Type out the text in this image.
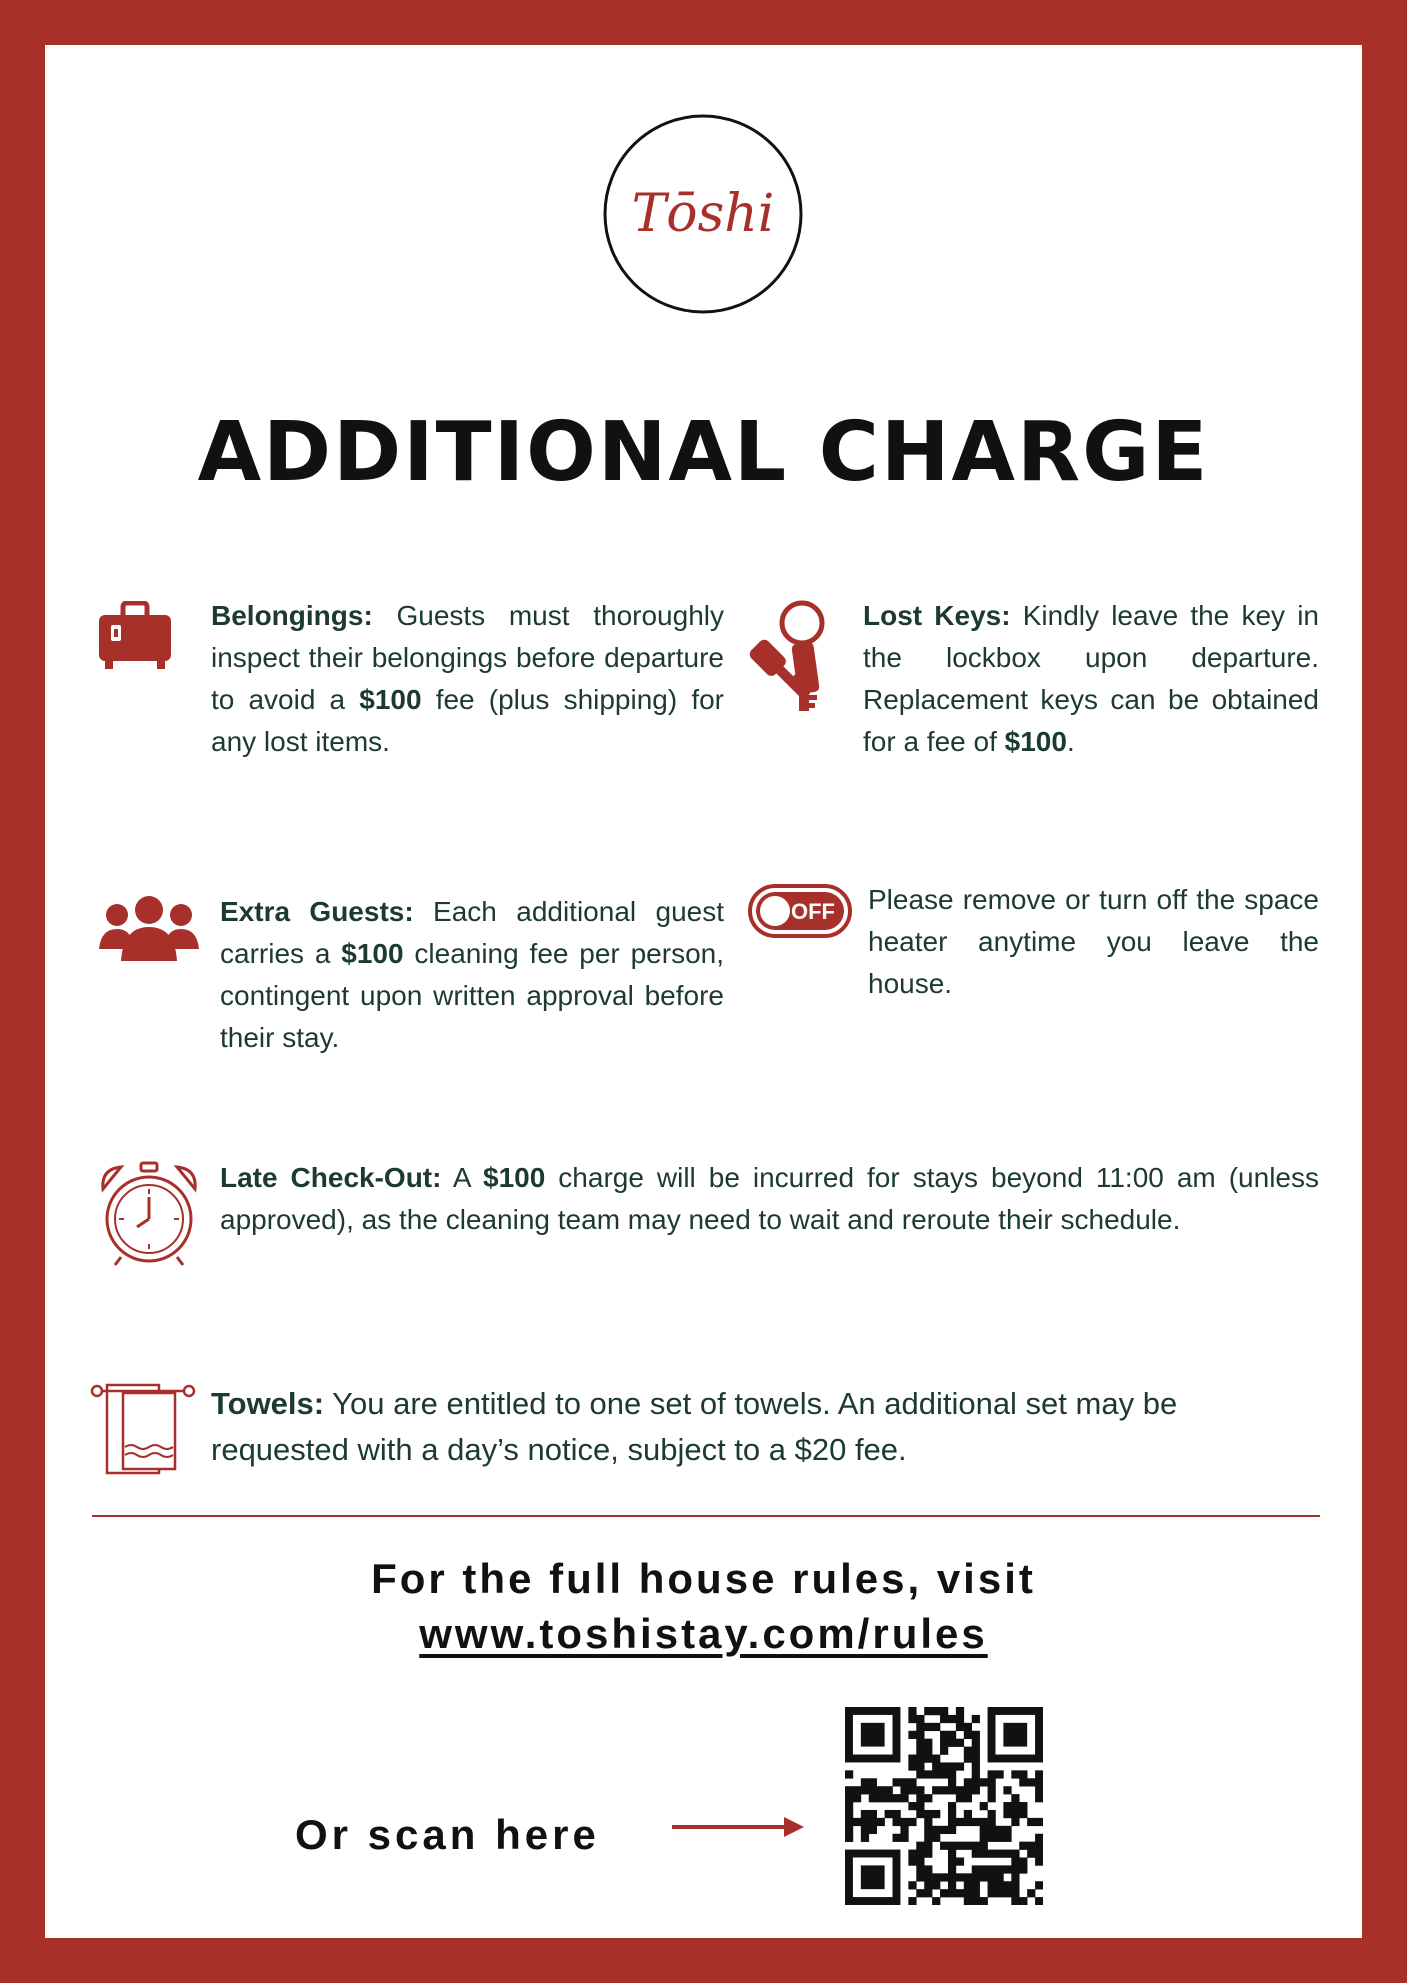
Tōshi
ADDITIONAL CHARGE
Belongings: Guests must thoroughly inspect their belongings before departure to avoid a $100 fee (plus shipping) for any lost items.
Lost Keys: Kindly leave the key in the lockbox upon departure. Replacement keys can be obtained for a fee of $100.
Extra Guests: Each additional guest carries a $100 cleaning fee per person, contingent upon written approval before their stay.
OFF Please remove or turn off the space heater anytime you leave the house.
Late Check-Out: A $100 charge will be incurred for stays beyond 11:00 am (unless approved), as the cleaning team may need to wait and reroute their schedule.
Towels: You are entitled to one set of towels. An additional set may be requested with a day’s notice, subject to a $20 fee.
For the full house rules, visit
www.toshistay.com/rules
Or scan here
